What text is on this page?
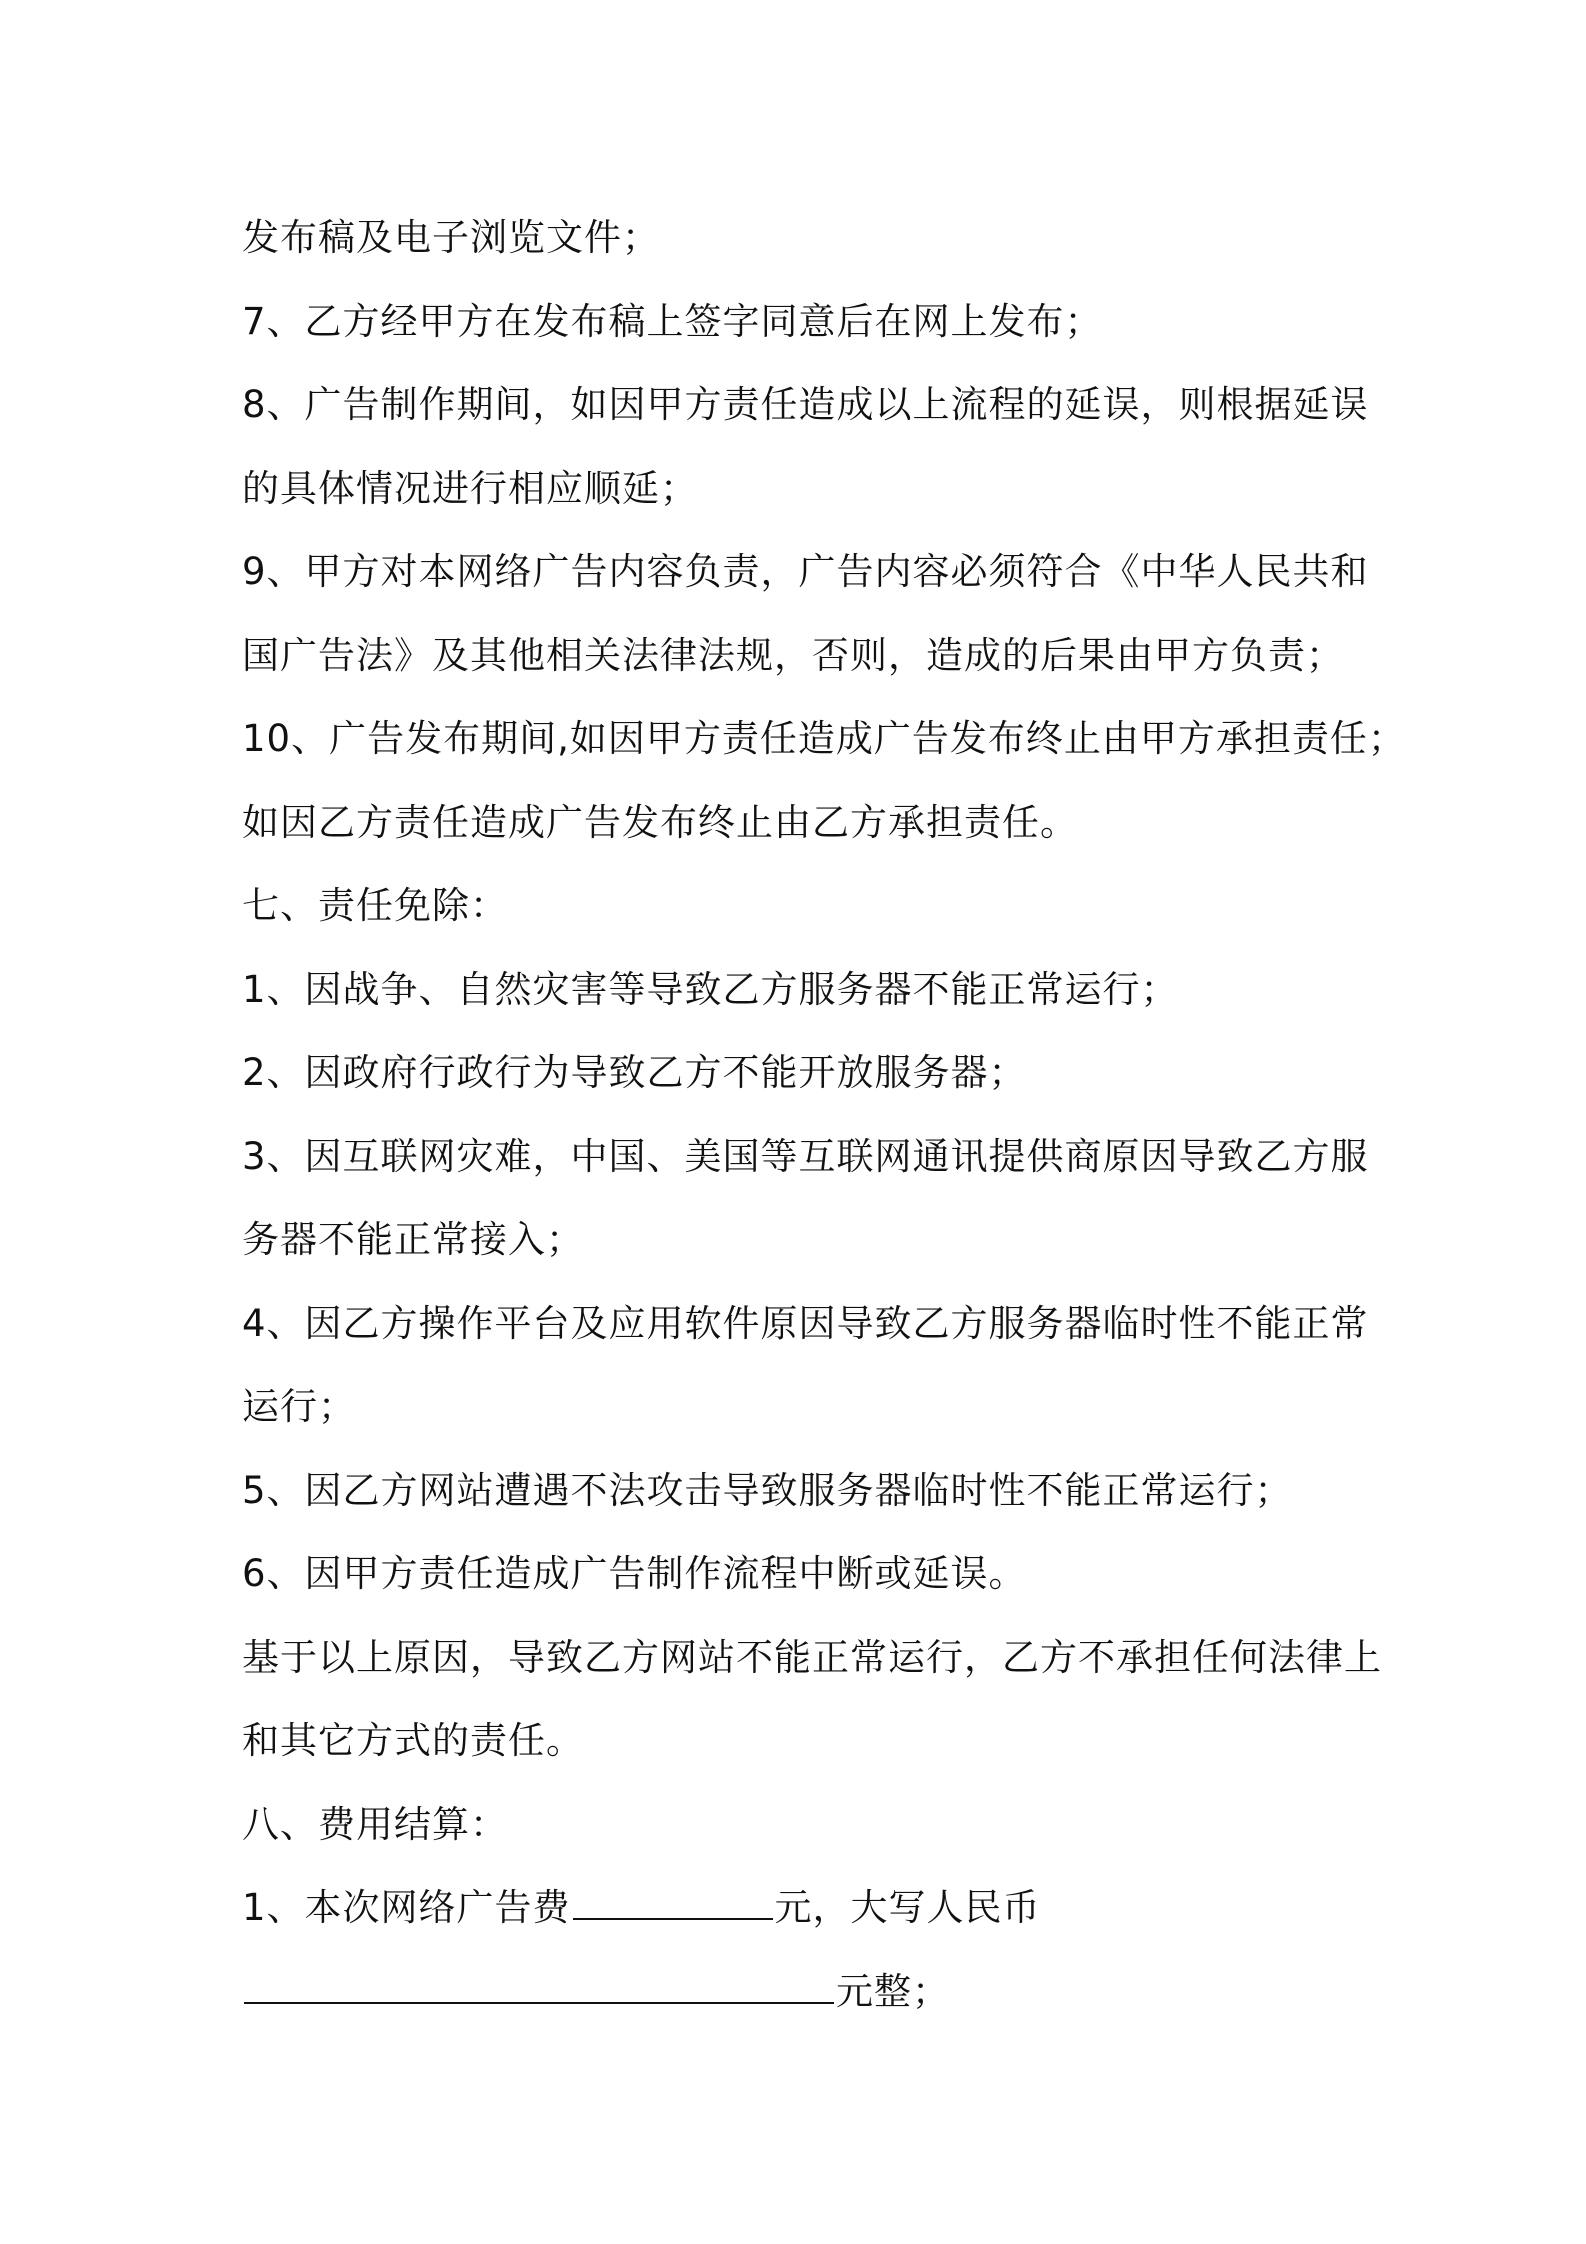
发布稿及电子浏览文件；
7、乙方经甲方在发布稿上签字同意后在网上发布；
8、广告制作期间，如因甲方责任造成以上流程的延误，则根据延误
的具体情况进行相应顺延；
9、甲方对本网络广告内容负责，广告内容必须符合《中华人民共和
国广告法》及其他相关法律法规，否则，造成的后果由甲方负责；
10、广告发布期间,如因甲方责任造成广告发布终止由甲方承担责任；
如因乙方责任造成广告发布终止由乙方承担责任。
七、责任免除：
1、因战争、自然灾害等导致乙方服务器不能正常运行；
2、因政府行政行为导致乙方不能开放服务器；
3、因互联网灾难，中国、美国等互联网通讯提供商原因导致乙方服
务器不能正常接入；
4、因乙方操作平台及应用软件原因导致乙方服务器临时性不能正常
运行；
5、因乙方网站遭遇不法攻击导致服务器临时性不能正常运行；
6、因甲方责任造成广告制作流程中断或延误。
基于以上原因，导致乙方网站不能正常运行，乙方不承担任何法律上
和其它方式的责任。
八、费用结算：
1、本次网络广告费	元，大写人民币
元整；
